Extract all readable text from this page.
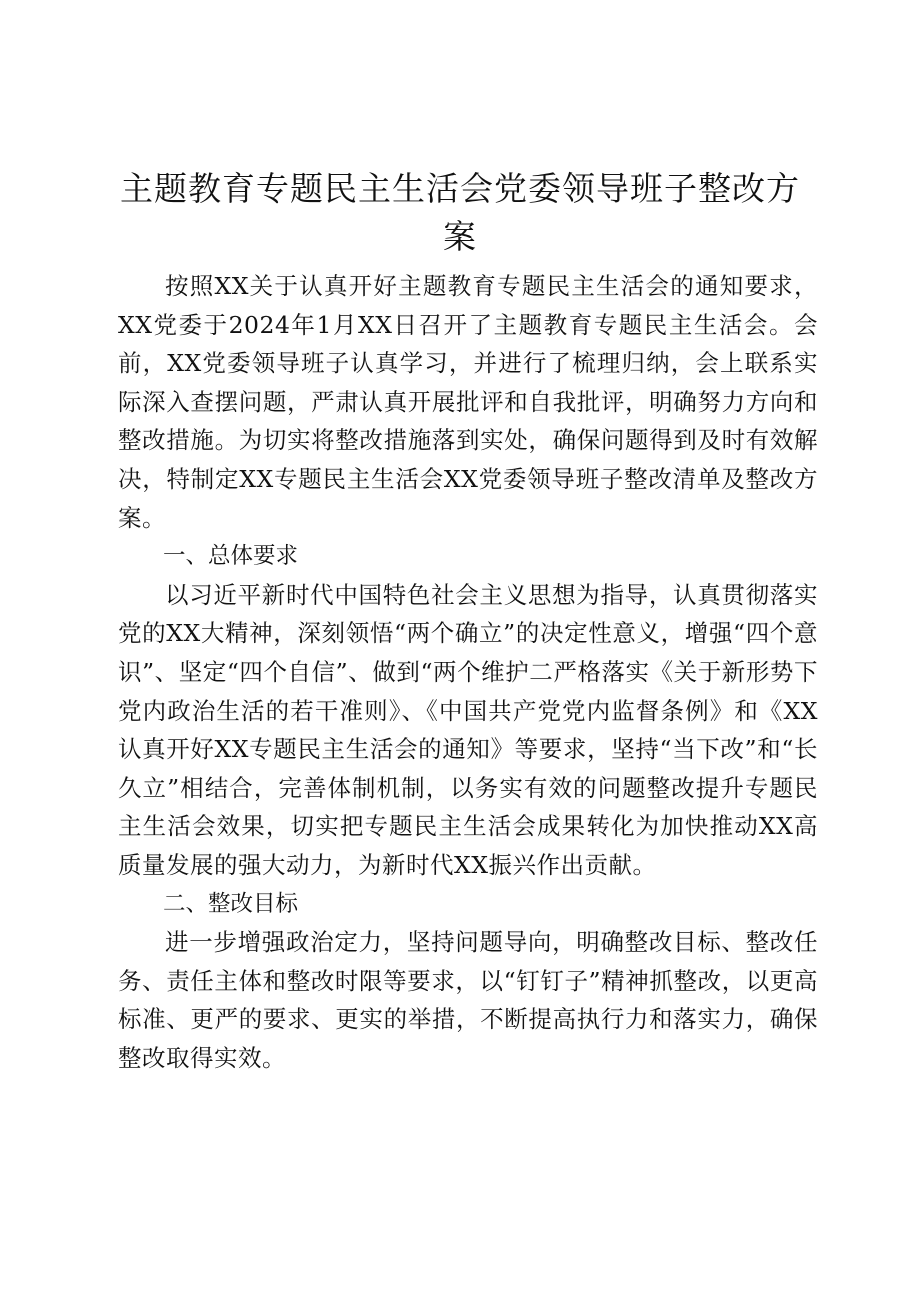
主题教育专题民主生活会党委领导班子整改方案

按照XX关于认真开好主题教育专题民主生活会的通知要求，XX党委于2024年1月XX日召开了主题教育专题民主生活会。会前，XX党委领导班子认真学习，并进行了梳理归纳，会上联系实际深入查摆问题，严肃认真开展批评和自我批评，明确努力方向和整改措施。为切实将整改措施落到实处，确保问题得到及时有效解决，特制定XX专题民主生活会XX党委领导班子整改清单及整改方案。

一、总体要求

以习近平新时代中国特色社会主义思想为指导，认真贯彻落实党的XX大精神，深刻领悟“两个确立”的决定性意义，增强“四个意识”、坚定“四个自信”、做到“两个维护二严格落实《关于新形势下党内政治生活的若干准则》、《中国共产党党内监督条例》和《XX认真开好XX专题民主生活会的通知》等要求，坚持“当下改”和“长久立”相结合，完善体制机制，以务实有效的问题整改提升专题民主生活会效果，切实把专题民主生活会成果转化为加快推动XX高质量发展的强大动力，为新时代XX振兴作出贡献。

二、整改目标

进一步增强政治定力，坚持问题导向，明确整改目标、整改任务、责任主体和整改时限等要求，以“钉钉子”精神抓整改，以更高标准、更严的要求、更实的举措，不断提高执行力和落实力，确保整改取得实效。
